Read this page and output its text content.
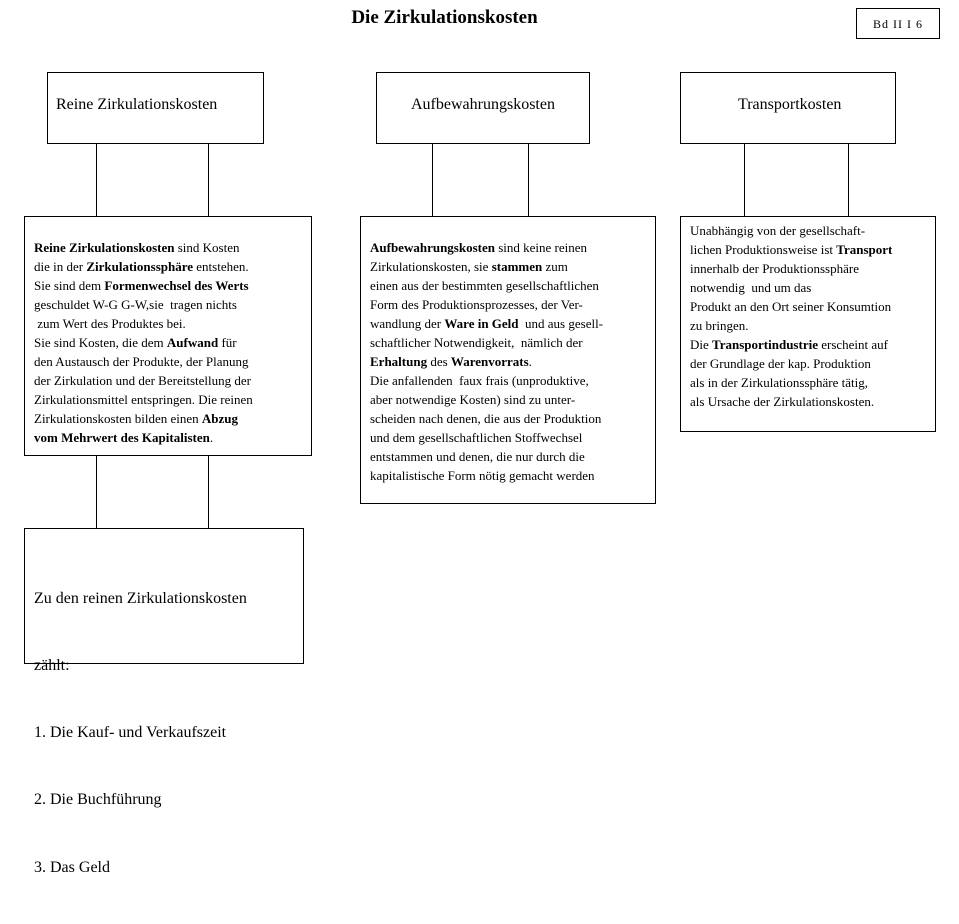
Die Zirkulationskosten	Bd II I 6
Reine Zirkulationskosten	Aufbewahrungskosten	Transportkosten
Reine Zirkulationskosten sind Kosten
die in der Zirkulationssphäre entstehen.
Sie sind dem Formenwechsel des Werts
geschuldet W-G G-W,sie  tragen nichts
zum Wert des Produktes bei.
Sie sind Kosten, die dem Aufwand für
den Austausch der Produkte, der Planung
der Zirkulation und der Bereitstellung der
Zirkulationsmittel entspringen. Die reinen
Zirkulationskosten bilden einen Abzug
vom Mehrwert des Kapitalisten.
Aufbewahrungskosten sind keine reinen
Zirkulationskosten, sie stammen zum
einen aus der bestimmten gesellschaftlichen
Form des Produktionsprozesses, der Ver-
wandlung der Ware in Geld  und aus gesell-
schaftlicher Notwendigkeit,  nämlich der
Erhaltung des Warenvorrats.
Die anfallenden  faux frais (unproduktive,
aber notwendige Kosten) sind zu unter-
scheiden nach denen, die aus der Produktion
und dem gesellschaftlichen Stoffwechsel
entstammen und denen, die nur durch die
kapitalistische Form nötig gemacht werden
Unabhängig von der gesellschaft-
lichen Produktionsweise ist Transport
innerhalb der Produktionssphäre
notwendig  und um das
Produkt an den Ort seiner Konsumtion
zu bringen.
Die Transportindustrie erscheint auf
der Grundlage der kap. Produktion
als in der Zirkulationssphäre tätig,
als Ursache der Zirkulationskosten.

Zu den reinen Zirkulationskosten

zählt:

1. Die Kauf- und Verkaufszeit

2. Die Buchführung

3. Das Geld
